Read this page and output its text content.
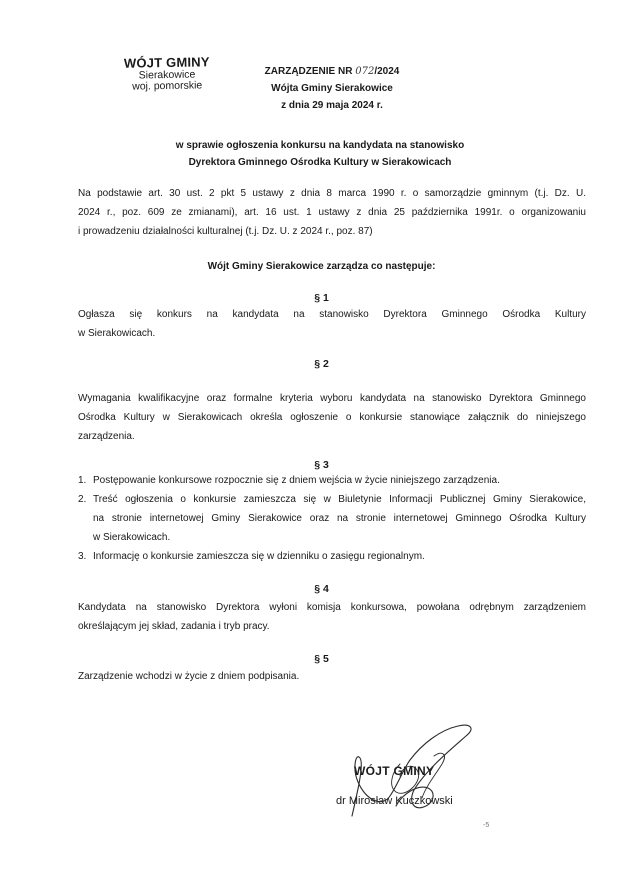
WÓJT GMINY
Sierakowice
woj. pomorskie
ZARZĄDZENIE NR 072/2024
Wójta Gminy Sierakowice
z dnia 29 maja 2024 r.
w sprawie ogłoszenia konkursu na kandydata na stanowisko
Dyrektora Gminnego Ośrodka Kultury w Sierakowicach
Na podstawie art. 30 ust. 2 pkt 5 ustawy z dnia 8 marca 1990 r. o samorządzie gminnym (t.j. Dz. U.
2024 r., poz. 609 ze zmianami), art. 16 ust. 1 ustawy z dnia 25 października 1991r. o organizowaniu
i prowadzeniu działalności kulturalnej (t.j. Dz. U. z 2024 r., poz. 87)
Wójt Gminy Sierakowice zarządza co następuje:
§ 1
Ogłasza się konkurs na kandydata na stanowisko Dyrektora Gminnego Ośrodka Kultury
w Sierakowicach.
§ 2
Wymagania kwalifikacyjne oraz formalne kryteria wyboru kandydata na stanowisko Dyrektora Gminnego
Ośrodka Kultury w Sierakowicach określa ogłoszenie o konkursie stanowiące załącznik do niniejszego
zarządzenia.
§ 3
1. Postępowanie konkursowe rozpocznie się z dniem wejścia w życie niniejszego zarządzenia.
2. Treść ogłoszenia o konkursie zamieszcza się w Biuletynie Informacji Publicznej Gminy Sierakowice,
na stronie internetowej Gminy Sierakowice oraz na stronie internetowej Gminnego Ośrodka Kultury
w Sierakowicach.
3. Informację o konkursie zamieszcza się w dzienniku o zasięgu regionalnym.
§ 4
Kandydata na stanowisko Dyrektora wyłoni komisja konkursowa, powołana odrębnym zarządzeniem
określającym jej skład, zadania i tryb pracy.
§ 5
Zarządzenie wchodzi w życie z dniem podpisania.
WÓJT GMINY
dr Mirosław Kuczkowski
-5
